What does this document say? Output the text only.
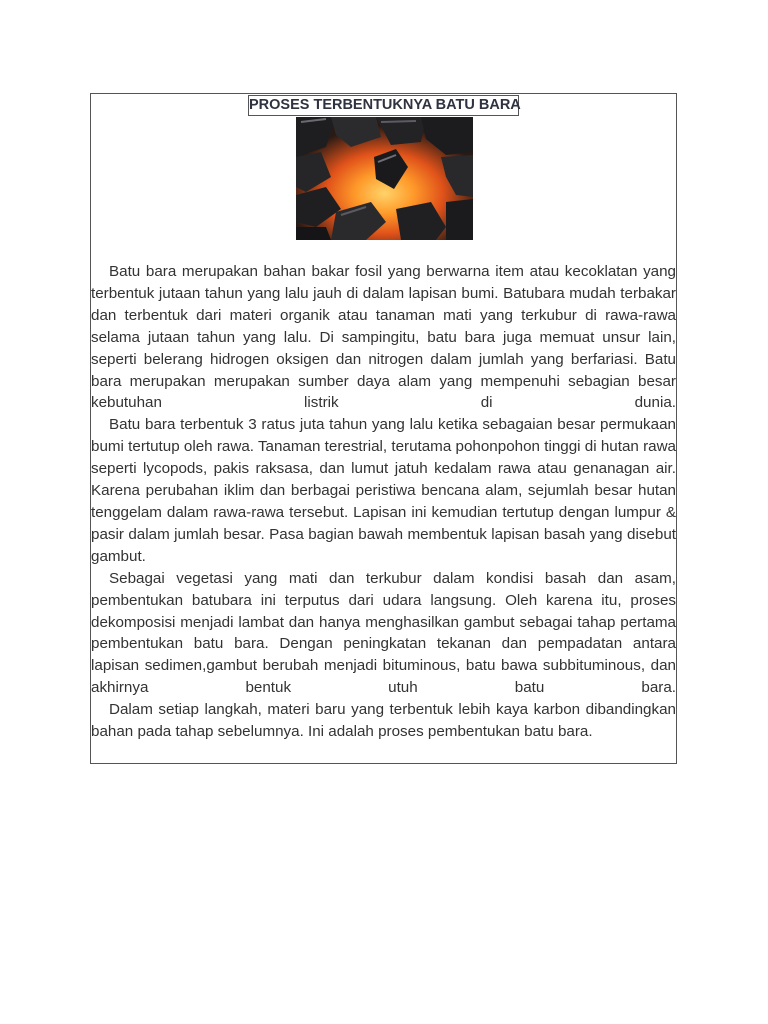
PROSES TERBENTUKNYA BATU BARA

Batu bara merupakan bahan bakar fosil yang berwarna item atau kecoklatan yang terbentuk jutaan tahun yang lalu jauh di dalam lapisan bumi. Batubara mudah terbakar dan terbentuk dari materi organik atau tanaman mati yang terkubur di rawa-rawa selama jutaan tahun yang lalu. Di sampingitu, batu bara juga memuat unsur lain, seperti belerang hidrogen oksigen dan nitrogen dalam jumlah yang berfariasi. Batu bara merupakan merupakan sumber daya alam yang mempenuhi sebagian besar kebutuhan listrik di dunia.

Batu bara terbentuk 3 ratus juta tahun yang lalu ketika sebagaian besar permukaan bumi tertutup oleh rawa. Tanaman terestrial, terutama pohonpohon tinggi di hutan rawa seperti lycopods, pakis raksasa, dan lumut jatuh kedalam rawa atau genanagan air. Karena perubahan iklim dan berbagai peristiwa bencana alam, sejumlah besar hutan tenggelam dalam rawa-rawa tersebut. Lapisan ini kemudian tertutup dengan lumpur & pasir dalam jumlah besar. Pasa bagian bawah membentuk lapisan basah yang disebut gambut.

Sebagai vegetasi yang mati dan terkubur dalam kondisi basah dan asam, pembentukan batubara ini terputus dari udara langsung. Oleh karena itu, proses dekomposisi menjadi lambat dan hanya menghasilkan gambut sebagai tahap pertama pembentukan batu bara. Dengan peningkatan tekanan dan pempadatan antara lapisan sedimen,gambut berubah menjadi bituminous, batu bawa subbituminous, dan akhirnya bentuk utuh batu bara.

Dalam setiap langkah, materi baru yang terbentuk lebih kaya karbon dibandingkan bahan pada tahap sebelumnya. Ini adalah proses pembentukan batu bara.
